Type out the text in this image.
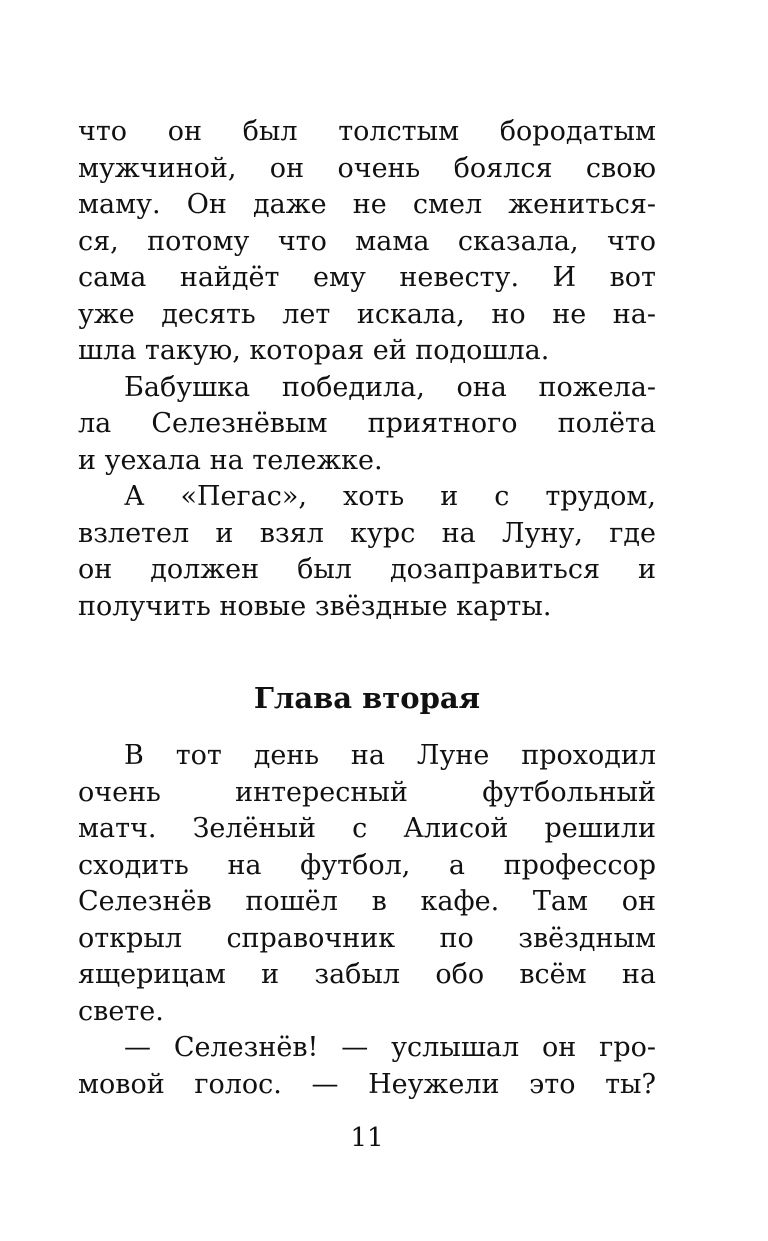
что он был толстым бородатым
мужчиной, он очень боялся свою
маму. Он даже не смел жениться-
ся, потому что мама сказала, что
сама найдёт ему невесту. И вот
уже десять лет искала, но не на-
шла такую, которая ей подошла.
Бабушка победила, она пожела-
ла Селезнёвым приятного полёта
и уехала на тележке.
А «Пегас», хоть и с трудом,
взлетел и взял курс на Луну, где
он должен был дозаправиться и
получить новые звёздные карты.
Глава вторая
В тот день на Луне проходил
очень интересный футбольный
матч. Зелёный с Алисой решили
сходить на футбол, а профессор
Селезнёв пошёл в кафе. Там он
открыл справочник по звёздным
ящерицам и забыл обо всём на
свете.
— Селезнёв! — услышал он гро-
мовой голос. — Неужели это ты?
11
